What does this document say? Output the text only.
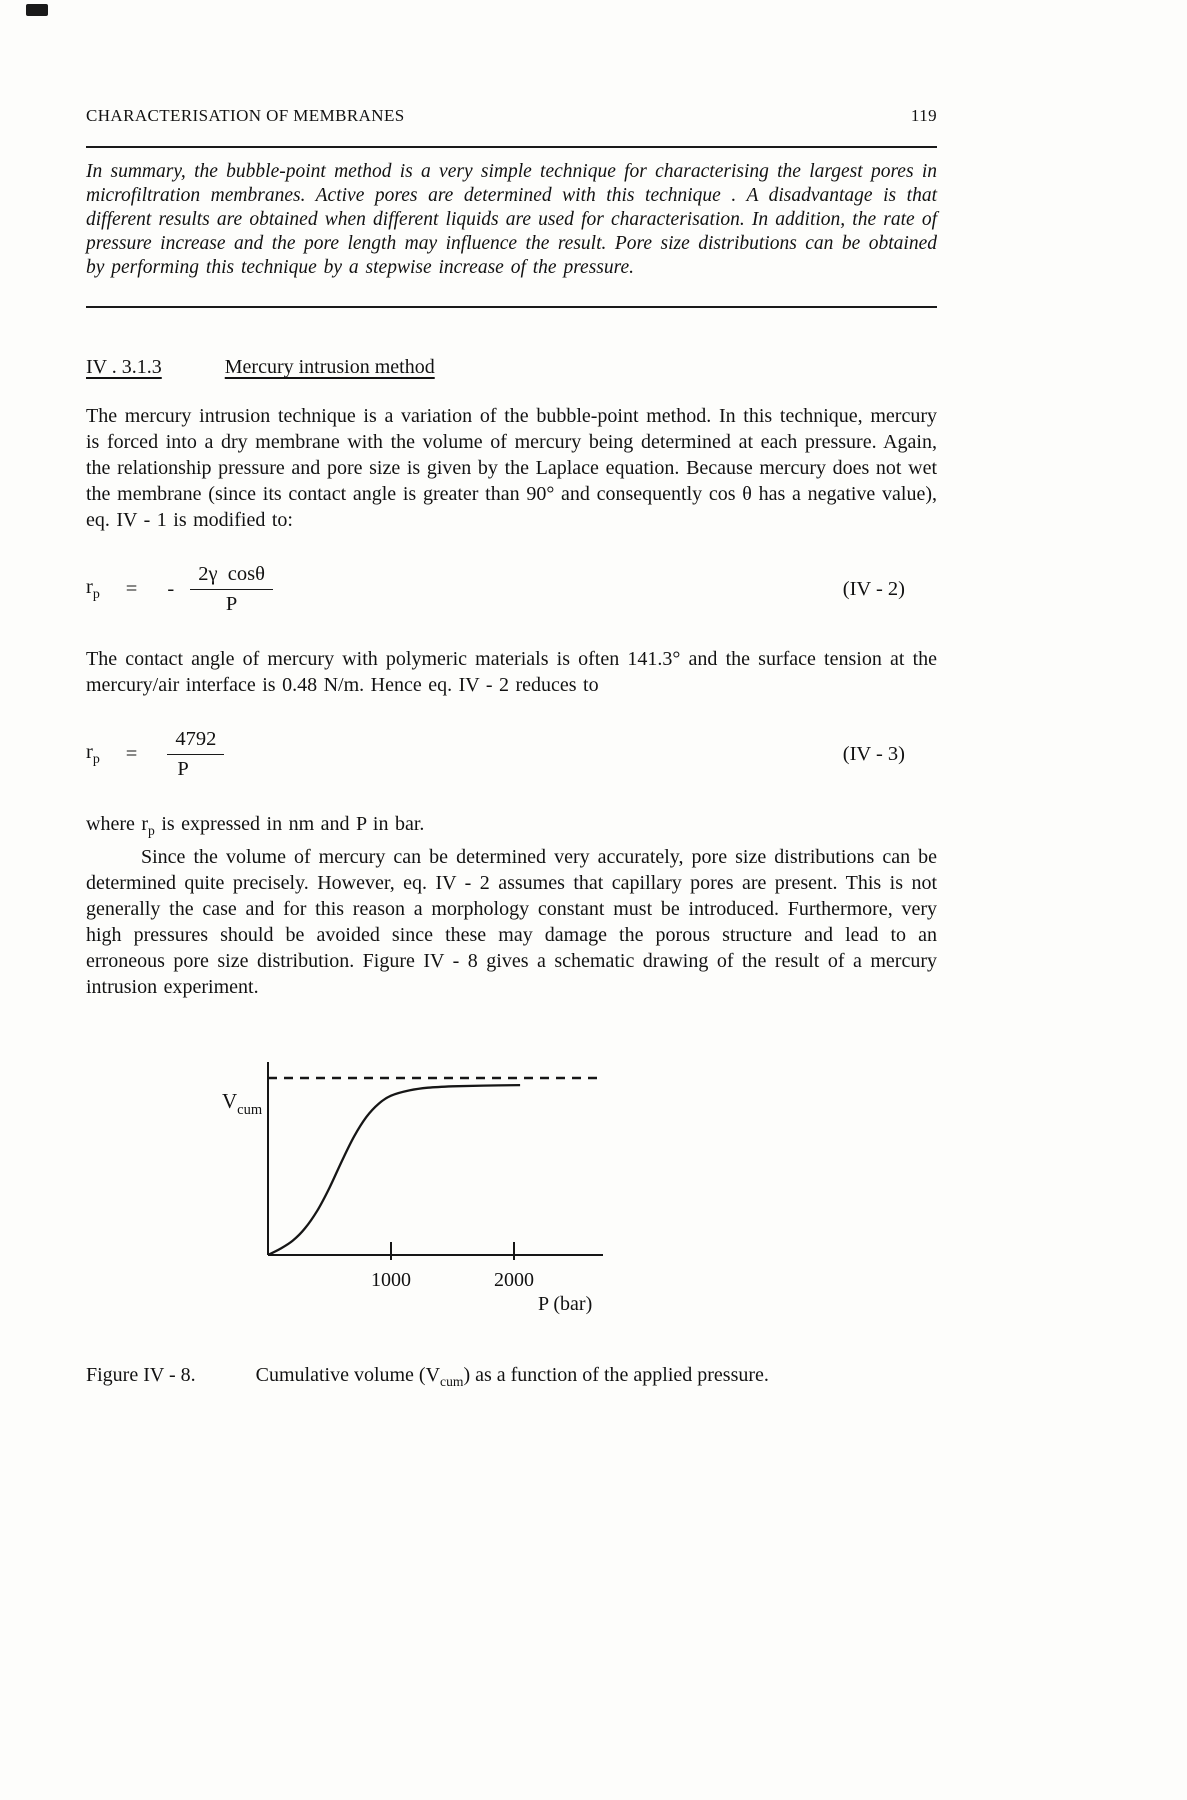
CHARACTERISATION OF MEMBRANES	119

In summary, the bubble-point method is a very simple technique for characterising the largest pores in microfiltration membranes. Active pores are determined with this technique . A disadvantage is that different results are obtained when different liquids are used for characterisation. In addition, the rate of pressure increase and the pore length may influence the result. Pore size distributions can be obtained by performing this technique by a stepwise increase of the pressure.

IV . 3.1.3	Mercury intrusion method

The mercury intrusion technique is a variation of the bubble-point method. In this technique, mercury is forced into a dry membrane with the volume of mercury being determined at each pressure. Again, the relationship pressure and pore size is given by the Laplace equation. Because mercury does not wet the membrane (since its contact angle is greater than 90° and consequently cos θ has a negative value), eq. IV - 1 is modified to:

$r_p$ = - $\frac{\text{2γ  cosθ}}{P}$	(IV - 2)

The contact angle of mercury with polymeric materials is often 141.3° and the surface tension at the mercury/air interface is 0.48 N/m. Hence eq. IV - 2 reduces to

$r_p = \frac{4792}{P}$	(IV - 3)

where $r_p$ is expressed in nm and P in bar.

Since the volume of mercury can be determined very accurately, pore size distributions can be determined quite precisely. However, eq. IV - 2 assumes that capillary pores are present. This is not generally the case and for this reason a morphology constant must be introduced. Furthermore, very high pressures should be avoided since these may damage the porous structure and lead to an erroneous pore size distribution. Figure IV - 8 gives a schematic drawing of the result of a mercury intrusion experiment.

1000	2000
P (bar)
$V_{cum}$

Figure IV - 8.	Cumulative volume $(V_{cum})$ as a function of the applied pressure.
